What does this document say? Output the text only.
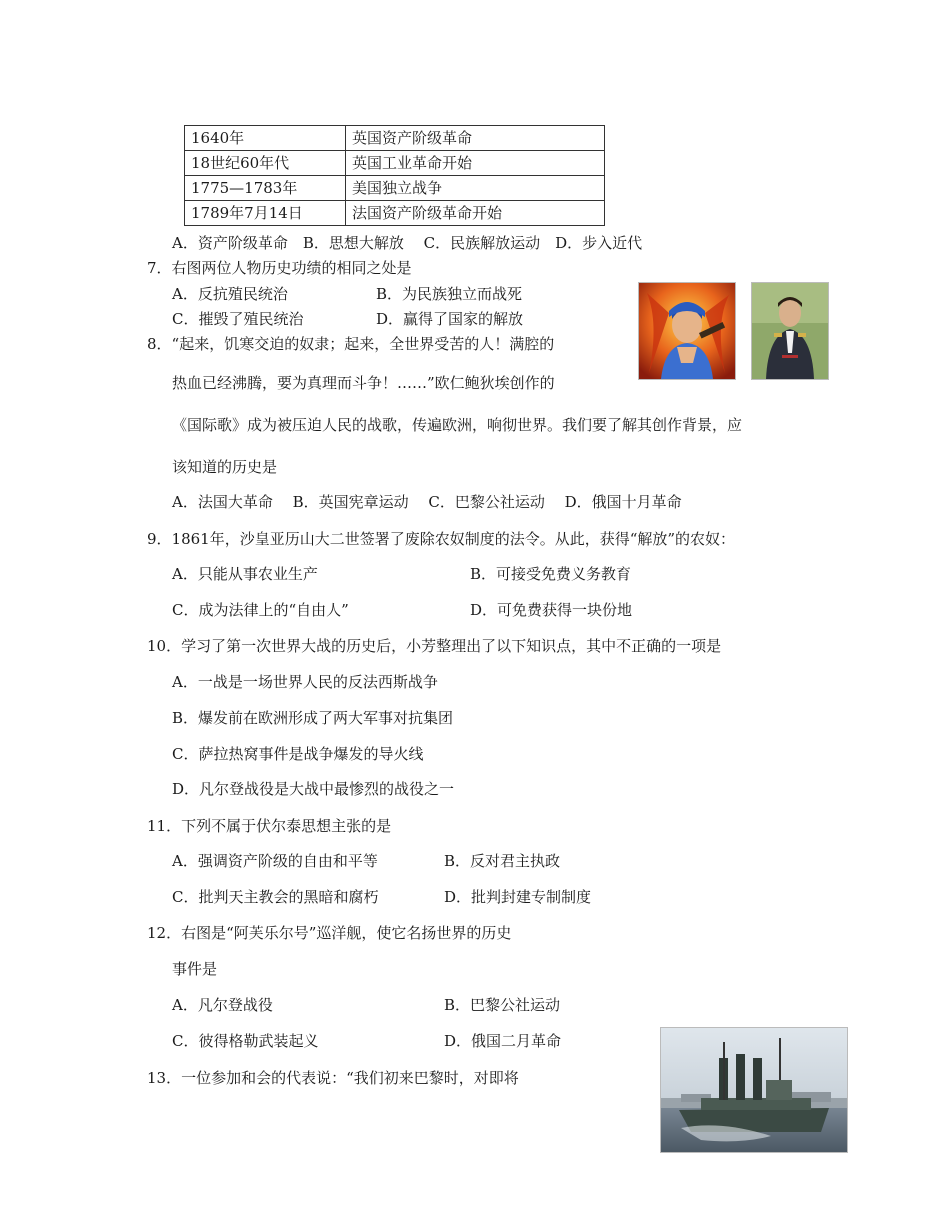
1640年	英国资产阶级革命
18世纪60年代	英国工业革命开始
1775—1783年	美国独立战争
1789年7月14日	法国资产阶级革命开始
A．资产阶级革命　B．思想大解放　 C．民族解放运动　D．步入近代
7．右图两位人物历史功绩的相同之处是
A．反抗殖民统治	B．为民族独立而战死
C．摧毁了殖民统治	D．赢得了国家的解放
8．“起来，饥寒交迫的奴隶；起来，全世界受苦的人！满腔的
热血已经沸腾，要为真理而斗争！……”欧仁鲍狄埃创作的
《国际歌》成为被压迫人民的战歌，传遍欧洲，响彻世界。我们要了解其创作背景，应
该知道的历史是
A．法国大革命　 B．英国宪章运动　 C．巴黎公社运动　 D．俄国十月革命
9．1861年，沙皇亚历山大二世签署了废除农奴制度的法令。从此，获得“解放”的农奴：
A．只能从事农业生产	B．可接受免费义务教育
C．成为法律上的“自由人”	D．可免费获得一块份地
10．学习了第一次世界大战的历史后，小芳整理出了以下知识点，其中不正确的一项是
A．一战是一场世界人民的反法西斯战争
B．爆发前在欧洲形成了两大军事对抗集团
C．萨拉热窝事件是战争爆发的导火线
D．凡尔登战役是大战中最惨烈的战役之一
11．下列不属于伏尔泰思想主张的是
A．强调资产阶级的自由和平等	B．反对君主执政
C．批判天主教会的黑暗和腐朽	D．批判封建专制制度
12．右图是“阿芙乐尔号”巡洋舰，使它名扬世界的历史
事件是
A．凡尔登战役	B．巴黎公社运动
C．彼得格勒武装起义	D．俄国二月革命
13．一位参加和会的代表说：“我们初来巴黎时，对即将
